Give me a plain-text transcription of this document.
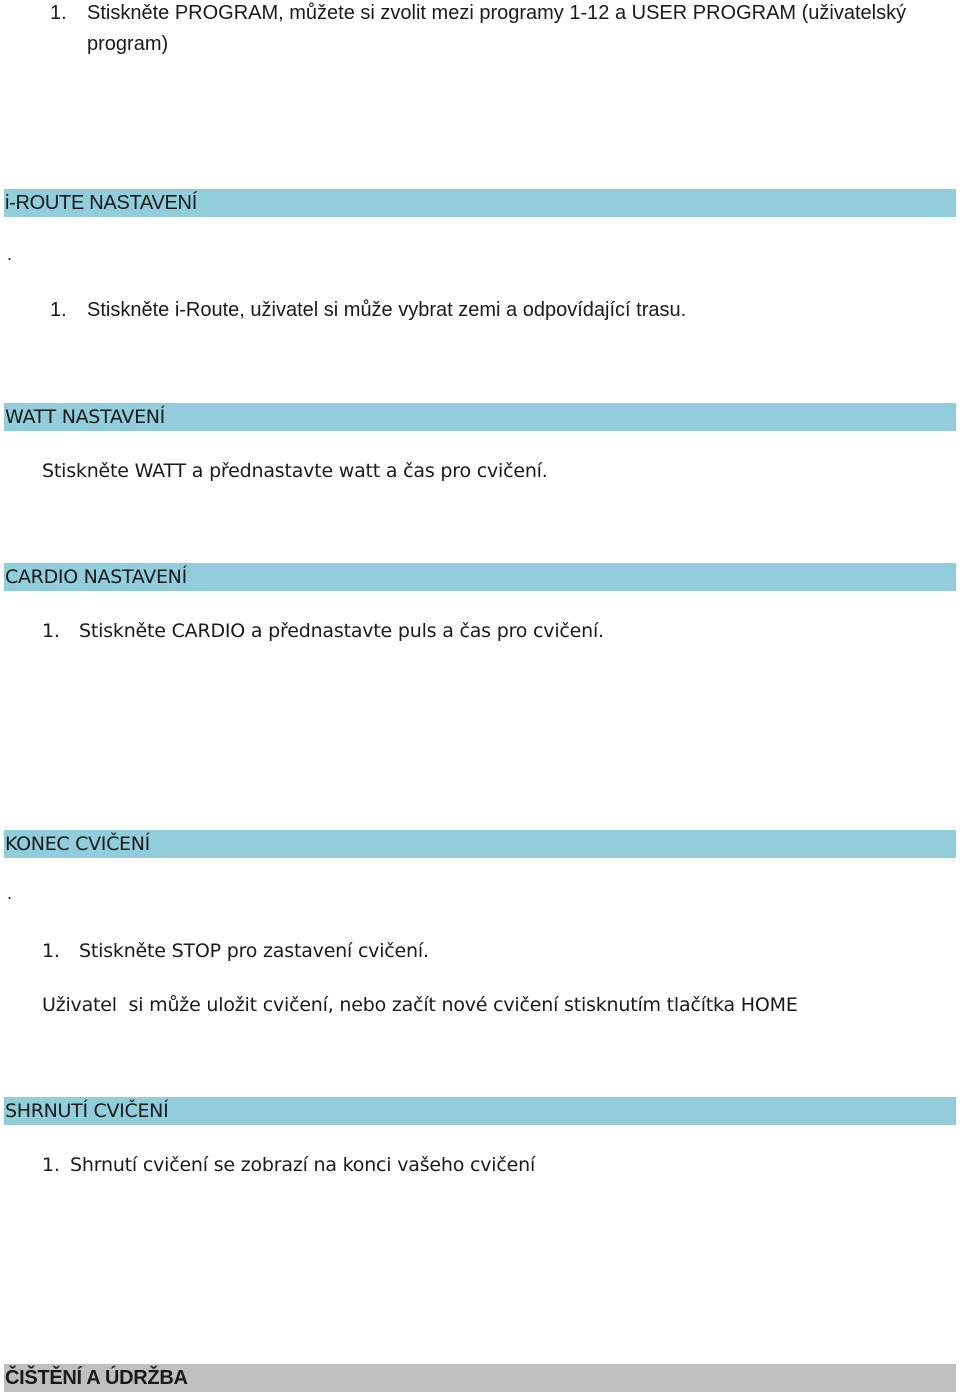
1. Stiskněte PROGRAM, můžete si zvolit mezi programy 1-12 a USER PROGRAM (uživatelský
program)
i-ROUTE NASTAVENÍ
.
1. Stiskněte i-Route, uživatel si může vybrat zemi a odpovídající trasu.
WATT NASTAVENÍ
Stiskněte WATT a přednastavte watt a čas pro cvičení.
CARDIO NASTAVENÍ
1. Stiskněte CARDIO a přednastavte puls a čas pro cvičení.
KONEC CVIČENÍ
.
1. Stiskněte STOP pro zastavení cvičení.
Uživatel  si může uložit cvičení, nebo začít nové cvičení stisknutím tlačítka HOME
SHRNUTÍ CVIČENÍ
1. Shrnutí cvičení se zobrazí na konci vašeho cvičení
ČIŠTĚNÍ A ÚDRŽBA
